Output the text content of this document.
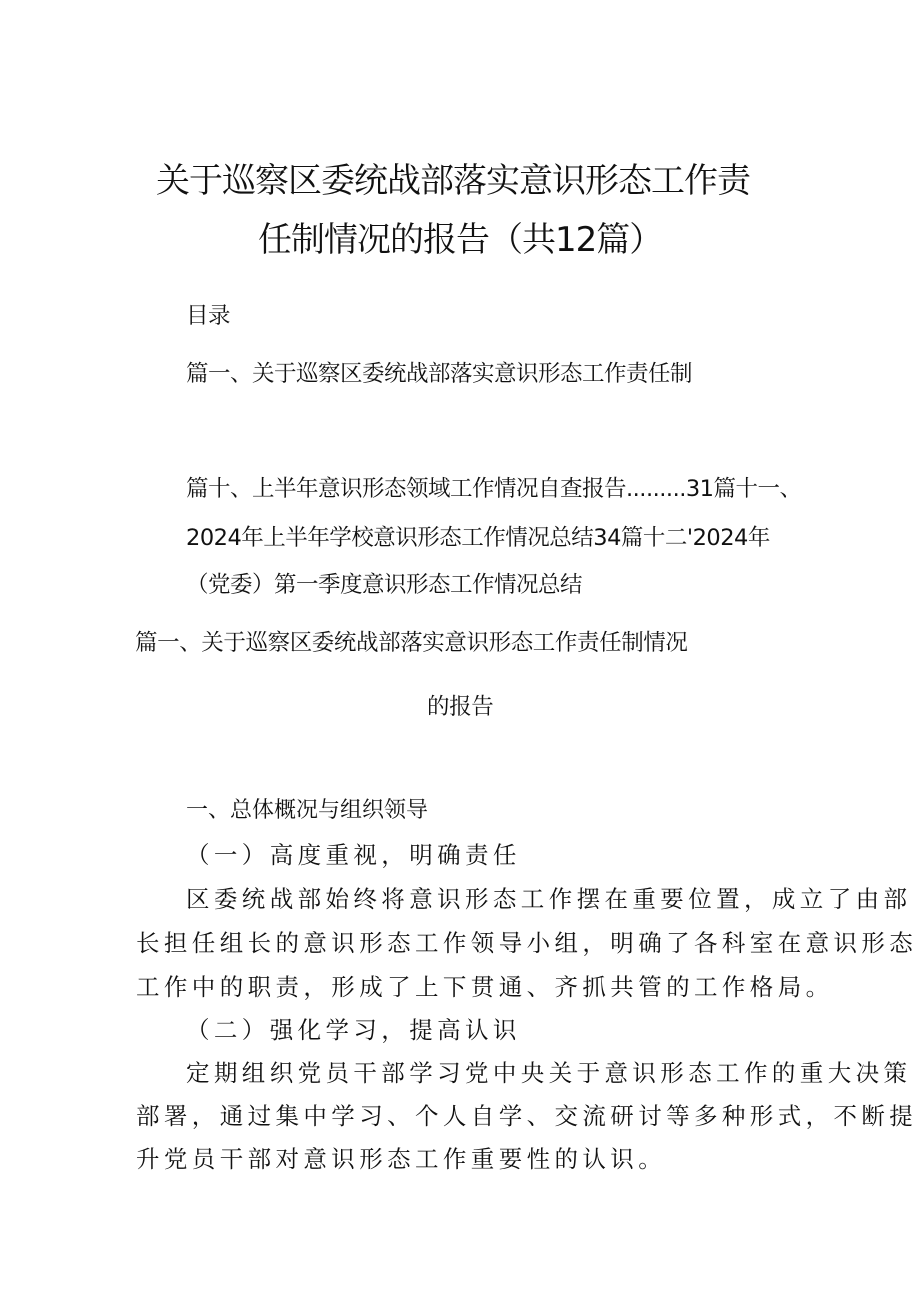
关于巡察区委统战部落实意识形态工作责
任制情况的报告（共12篇）
目录
篇一、关于巡察区委统战部落实意识形态工作责任制
篇十、上半年意识形态领域工作情况自查报告.........31篇十一、
2024年上半年学校意识形态工作情况总结34篇十二'2024年
（党委）第一季度意识形态工作情况总结
篇一、关于巡察区委统战部落实意识形态工作责任制情况
的报告
一、总体概况与组织领导
（一）高度重视，明确责任
区委统战部始终将意识形态工作摆在重要位置，成立了由部
长担任组长的意识形态工作领导小组，明确了各科室在意识形态
工作中的职责，形成了上下贯通、齐抓共管的工作格局。
（二）强化学习，提高认识
定期组织党员干部学习党中央关于意识形态工作的重大决策
部署，通过集中学习、个人自学、交流研讨等多种形式，不断提
升党员干部对意识形态工作重要性的认识。
